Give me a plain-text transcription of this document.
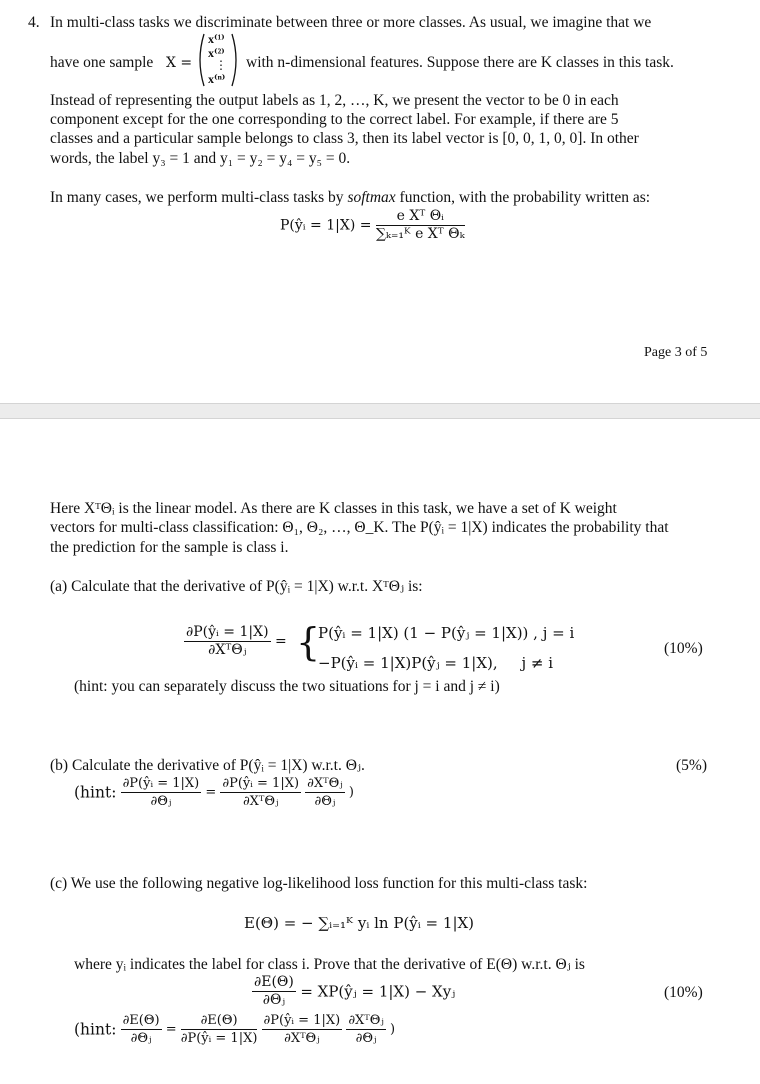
4. In multi-class tasks we discriminate between three or more classes. As usual, we imagine that we
have one sample X =
x⁽¹⁾
x⁽²⁾
⋮
x⁽ⁿ⁾
with n-dimensional features. Suppose there are K classes in this task.
Instead of representing the output labels as 1, 2, …, K, we present the vector to be 0 in each
component except for the one corresponding to the correct label. For example, if there are 5
classes and a particular sample belongs to class 3, then its label vector is [0, 0, 1, 0, 0]. In other
words, the label y₃ = 1 and y₁ = y₂ = y₄ = y₅ = 0.
In many cases, we perform multi-class tasks by softmax function, with the probability written as:
P(ŷᵢ = $1|X) = \frac{\text{e Xᵀ Θᵢ}}{\text{∑ₖ₌₁ᴷ e Xᵀ Θₖ}}$
Page 3 of 5
Here XᵀΘᵢ is the linear model. As there are K classes in this task, we have a set of K weight
vectors for multi-class classification: Θ₁, Θ₂, …, Θ_K. The P(ŷᵢ = 1|X) indicates the probability that
the prediction for the sample is class i.
(a) Calculate that the derivative of P(ŷᵢ = 1|X) w.r.t. XᵀΘⱼ is:
$\frac{\text{∂P(ŷᵢ = 1|X)}}{\text{∂XᵀΘⱼ}}$ = {
P(ŷᵢ = 1|X) (1 − P(ŷⱼ = 1|X)) , j = i
−P(ŷᵢ = 1|X)P(ŷⱼ = 1|X),     j ≠ i
(10%)
(hint: you can separately discuss the two situations for j = i and j ≠ i)
(b) Calculate the derivative of P(ŷᵢ = 1|X) w.r.t. Θⱼ.	(5%)
(hint: $\frac{\text{∂P(ŷᵢ = 1|X)}}{\text{∂Θⱼ}} = \frac{\text{∂P(ŷᵢ = 1|X)}}{\text{∂XᵀΘⱼ}}$
$\frac{\text{∂XᵀΘⱼ}}{\text{∂Θⱼ}}$ )
(c) We use the following negative log-likelihood loss function for this multi-class task:
E(Θ) = − ∑ᵢ₌₁ᴷ yᵢ ln P(ŷᵢ = 1|X)
where yᵢ indicates the label for class i. Prove that the derivative of E(Θ) w.r.t. Θⱼ is
$\frac{\partial E(\Theta)}{\text{∂Θⱼ}}$ = XP(ŷⱼ = 1|X) − Xyⱼ	(10%)
(hint: $\frac{\partial E(\Theta)}{\text{∂Θⱼ}} = \frac{\partial E(\Theta)}{\text{∂P(ŷᵢ = 1|X)}}$
$\frac{\text{∂P(ŷᵢ = 1|X)}}{\text{∂XᵀΘⱼ}}$
$\frac{\text{∂XᵀΘⱼ}}{\text{∂Θⱼ}}$ )
